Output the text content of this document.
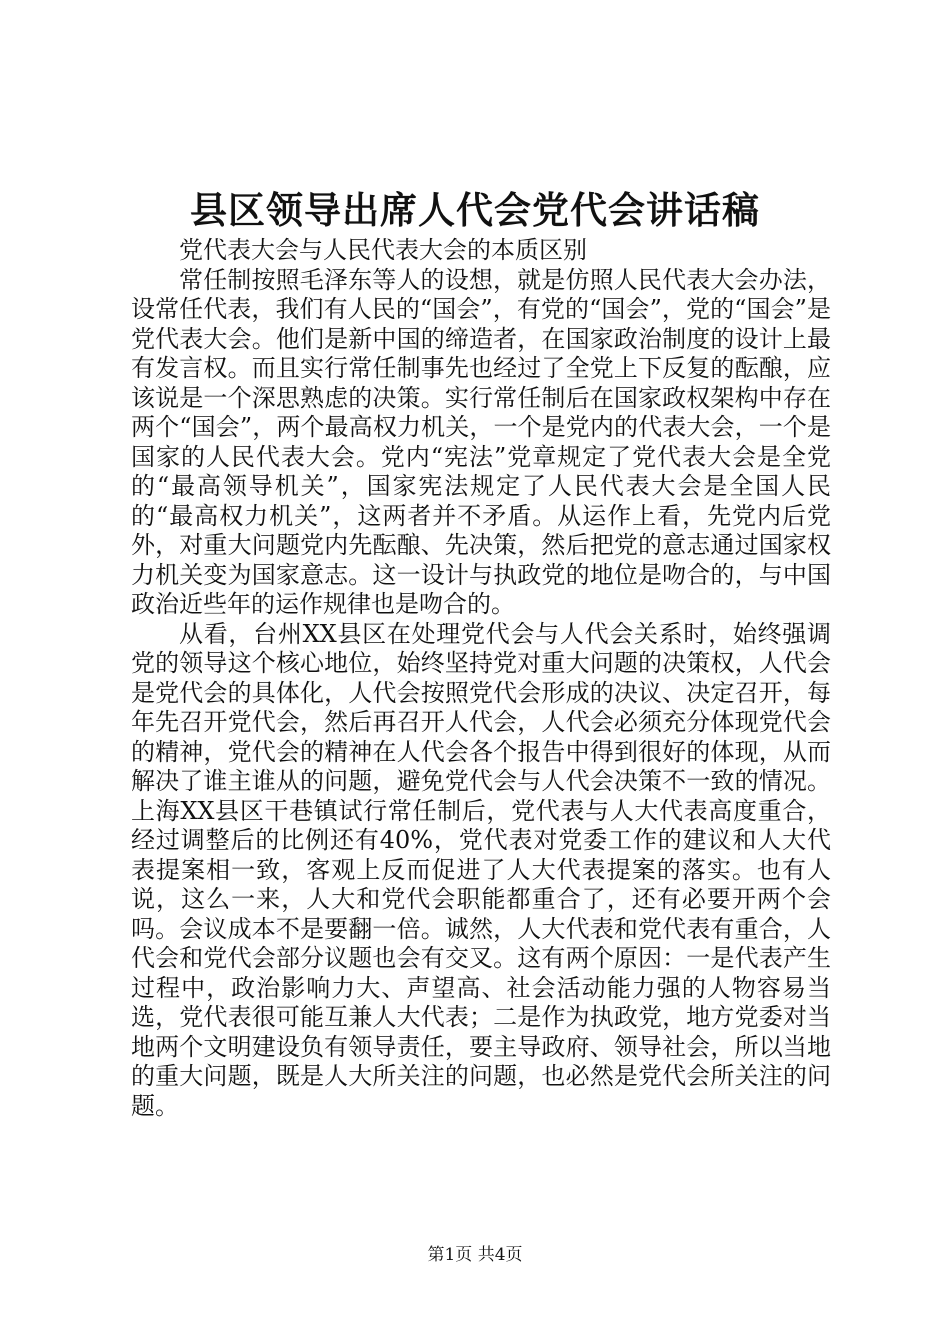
县区领导出席人代会党代会讲话稿

党代表大会与人民代表大会的本质区别

常任制按照毛泽东等人的设想，就是仿照人民代表大会办法，设常任代表，我们有人民的“国会”，有党的“国会”，党的“国会”是党代表大会。他们是新中国的缔造者，在国家政治制度的设计上最有发言权。而且实行常任制事先也经过了全党上下反复的酝酿，应该说是一个深思熟虑的决策。实行常任制后在国家政权架构中存在两个“国会”，两个最高权力机关，一个是党内的代表大会，一个是国家的人民代表大会。党内“宪法”党章规定了党代表大会是全党的“最高领导机关”，国家宪法规定了人民代表大会是全国人民的“最高权力机关”，这两者并不矛盾。从运作上看，先党内后党外，对重大问题党内先酝酿、先决策，然后把党的意志通过国家权力机关变为国家意志。这一设计与执政党的地位是吻合的，与中国政治近些年的运作规律也是吻合的。

从看，台州XX县区在处理党代会与人代会关系时，始终强调党的领导这个核心地位，始终坚持党对重大问题的决策权，人代会是党代会的具体化，人代会按照党代会形成的决议、决定召开，每年先召开党代会，然后再召开人代会，人代会必须充分体现党代会的精神，党代会的精神在人代会各个报告中得到很好的体现，从而解决了谁主谁从的问题，避免党代会与人代会决策不一致的情况。上海XX县区干巷镇试行常任制后，党代表与人大代表高度重合，经过调整后的比例还有40%，党代表对党委工作的建议和人大代表提案相一致，客观上反而促进了人大代表提案的落实。也有人说，这么一来，人大和党代会职能都重合了，还有必要开两个会吗。会议成本不是要翻一倍。诚然，人大代表和党代表有重合，人代会和党代会部分议题也会有交叉。这有两个原因：一是代表产生过程中，政治影响力大、声望高、社会活动能力强的人物容易当选，党代表很可能互兼人大代表；二是作为执政党，地方党委对当地两个文明建设负有领导责任，要主导政府、领导社会，所以当地的重大问题，既是人大所关注的问题，也必然是党代会所关注的问题。

第1页 共4页
